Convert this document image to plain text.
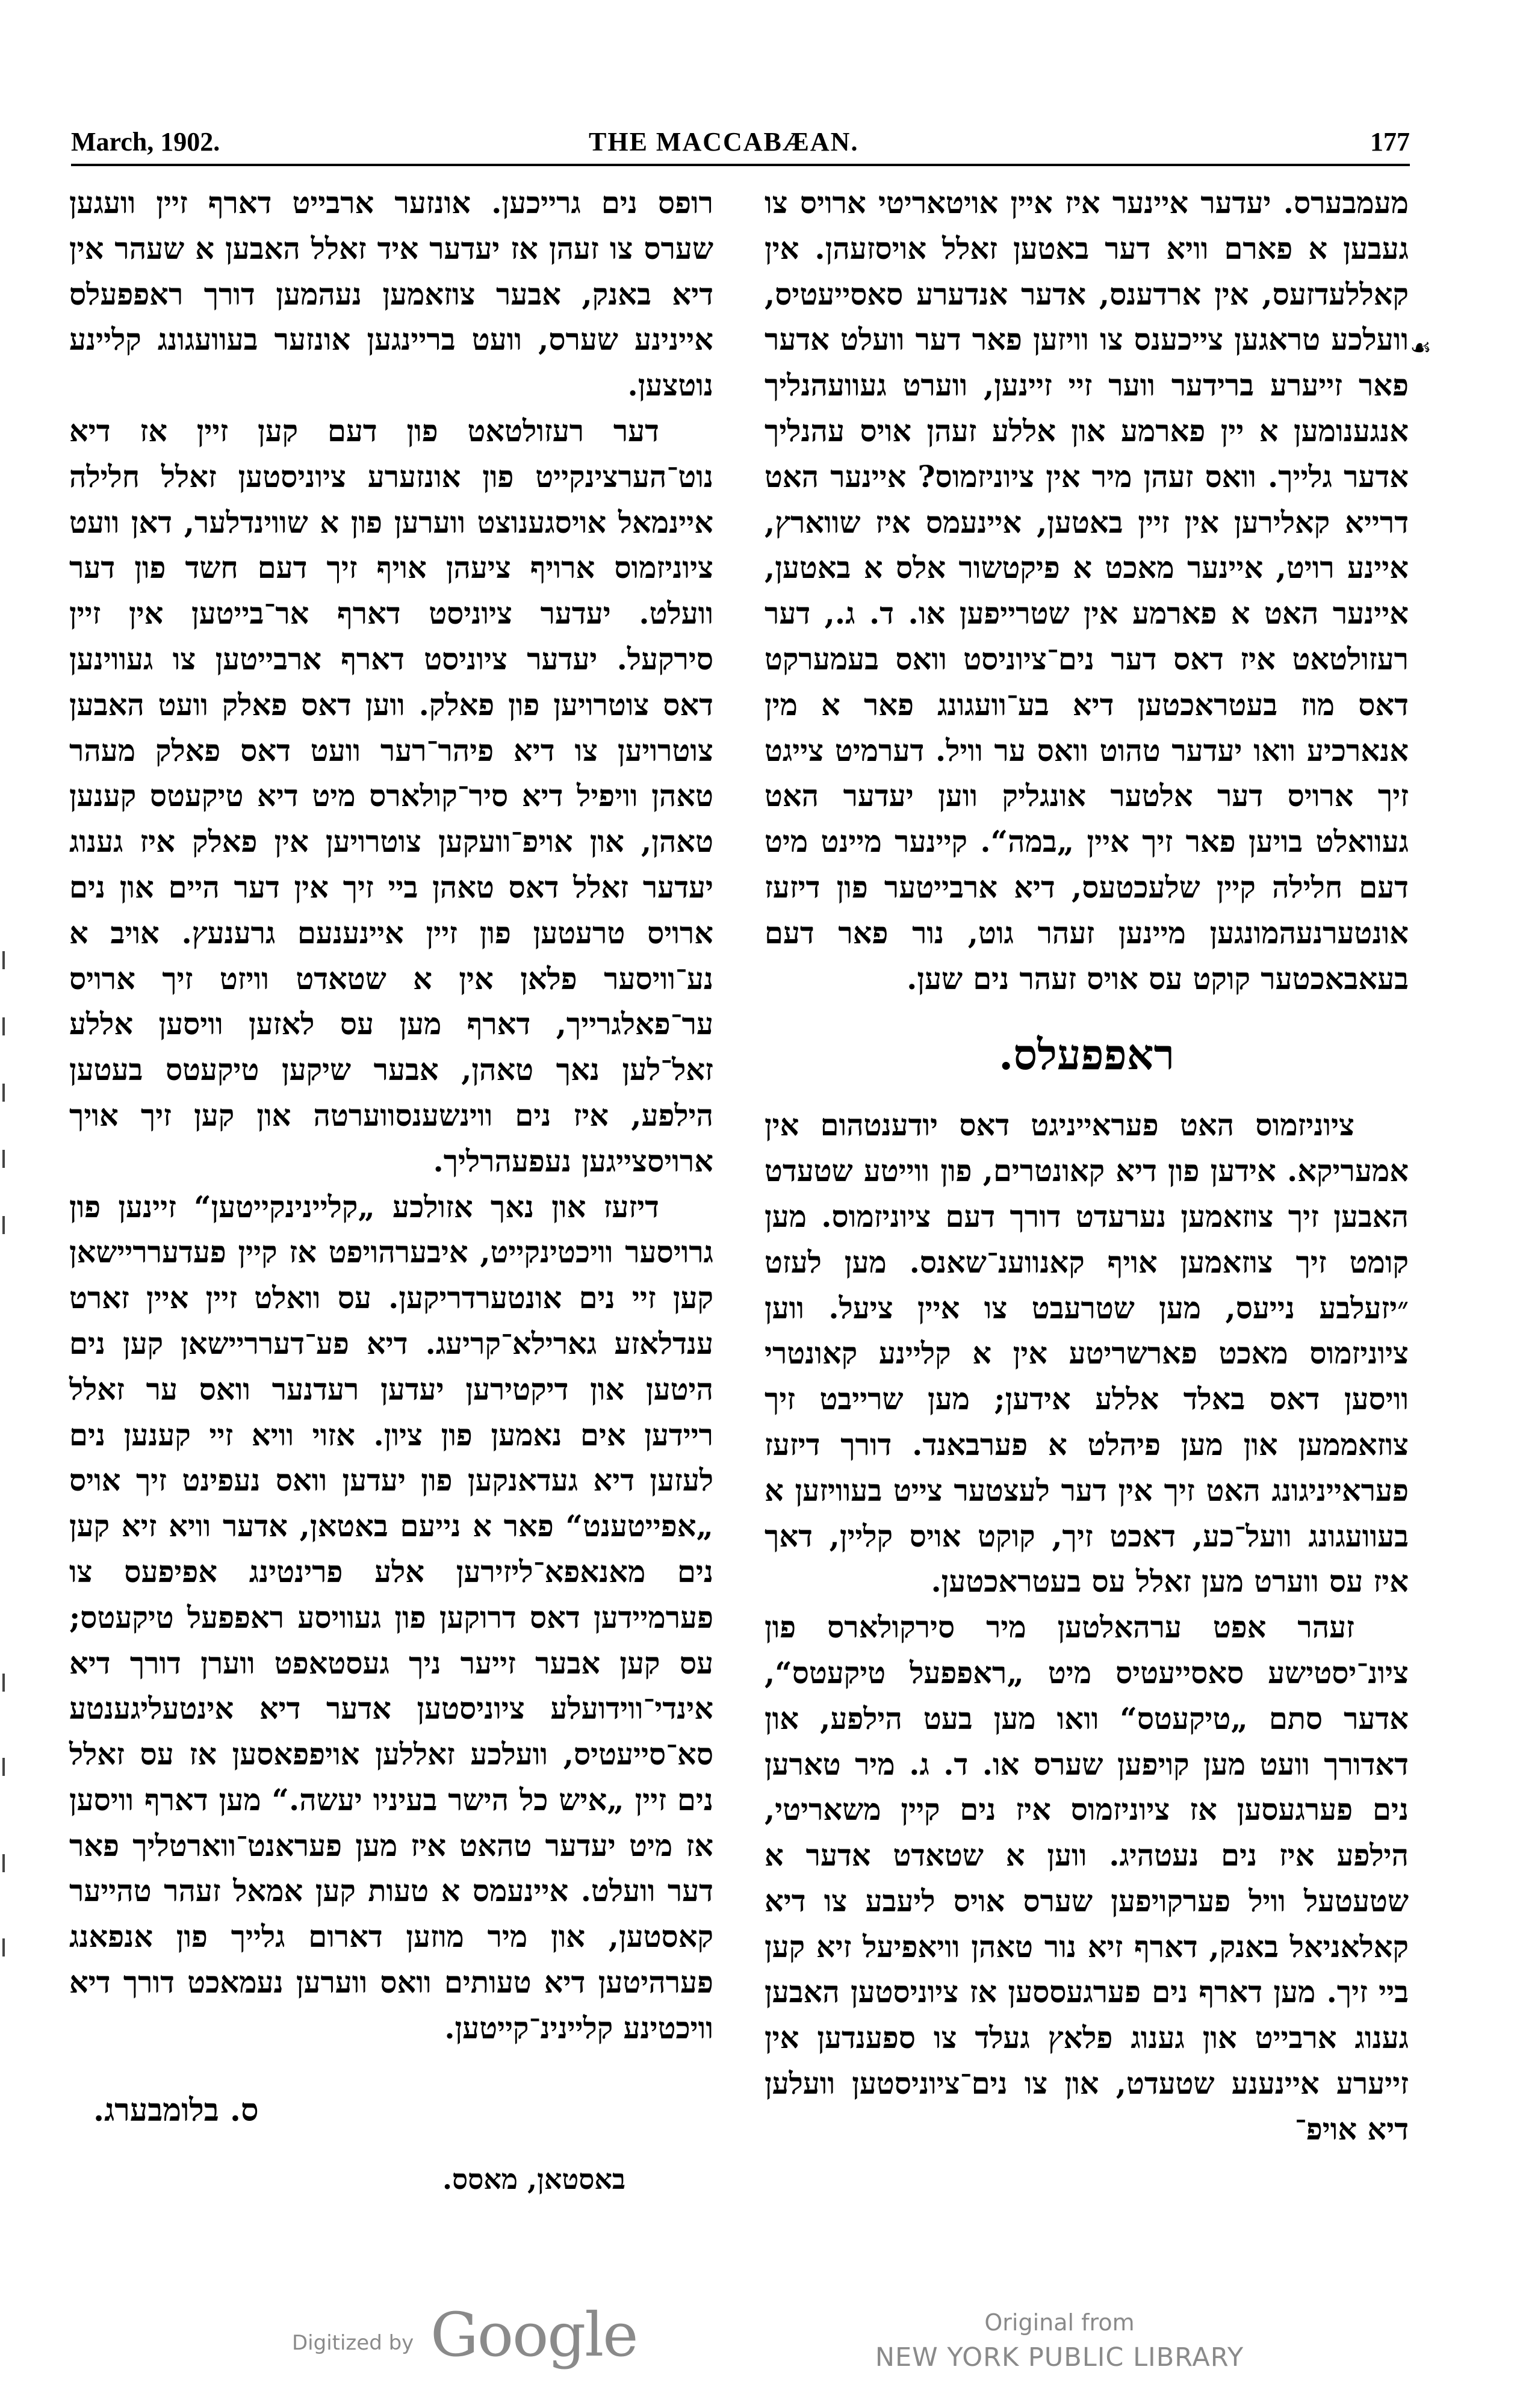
March, 1902.	THE MACCABÆAN.	177
☙

מעמבערס. יעדער איינער איז איין אויטאריטי ארויס צו געבען א פארם וויא דער באטען זאלל אויסזעהן. אין קאללעדזעס, אין ארדענס, אדער אנדערע סאסייעטיס, וועלכע טראגען צייכענס צו וויזען פאר דער וועלט אדער פאר זייערע ברידער ווער זיי זיינען, ווערט געוועהנליך אנגענומען א יין פארמע און אללע זעהן אויס עהנליך אדער גלייך. וואס זעהן מיר אין ציוניזמוס? איינער האט דרייא קאלירען אין זיין באטען, איינעמס איז שווארץ, איינע רויט, איינער מאכט א פיקטשור אלס א באטען, איינער האט א פארמע אין שטרייפען או. ד. ג., דער רעזולטאט איז דאס דער נים־ציוניסט וואס בעמערקט דאס מוז בעטראכטען דיא בע־וועגונג פאר א מין אנארכיע וואו יעדער טהוט וואס ער וויל. דערמיט צייגט זיך ארויס דער אלטער אונגליק ווען יעדער האט געוואלט בויען פאר זיך איין „במה“. קיינער מיינט מיט דעם חלילה קיין שלעכטעס, דיא ארבייטער פון דיזעז אונטערנעהמונגען מיינען זעהר גוט, נור פאר דעם בעאבאכטער קוקט עס אויס זעהר נים שען.

ראפפעלס.

ציוניזמוס האט פעראייניגט דאס יודענטהום אין אמעריקא. אידען פון דיא קאונטרים, פון ווייטע שטעדט האבען זיך צוזאמען נערעדט דורך דעם ציוניזמוס. מען קומט זיך צוזאמען אויף קאנווענ־שאנס. מען לעזט ״יזעלבע נייעס, מען שטרעבט צו איין ציעל. ווען ציוניזמוס מאכט פארשריטע אין א קליינע קאונטרי וויסען דאס באלד אללע אידען; מען שרייבט זיך צוזאממען און מען פיהלט א פערבאנד. דורך דיזעז פעראייניגונג האט זיך אין דער לעצטער צייט בעוויזען א בעוועגונג וועל־כע, דאכט זיך, קוקט אויס קליין, דאך איז עס ווערט מען זאלל עס בעטראכטען.

זעהר אפט ערהאלטען מיר סירקולארס פון ציונ־יסטישע סאסייעטיס מיט „ראפפעל טיקעטס“, אדער סתם „טיקעטס“ וואו מען בעט הילפע, און דאדורך וועט מען קויפען שערס או. ד. ג. מיר טארען נים פערגעסען אז ציוניזמוס איז נים קיין משאריטי, הילפע איז נים נעטהיג. ווען א שטאדט אדער א שטעטעל וויל פערקויפען שערס אויס ליעבע צו דיא קאלאניאל באנק, דארף זיא נור טאהן וויאפיעל זיא קען ביי זיך. מען דארף נים פערגעססען אז ציוניסטען האבען גענוג ארבייט און גענוג פלאץ געלד צו ספענדען אין זייערע איינענע שטעדט, און צו נים־ציוניסטען וועלען דיא אויפ־

רופס נים גרייכען. אונזער ארבייט דארף זיין וועגען שערס צו זעהן אז יעדער איד זאלל האבען א שעהר אין דיא באנק, אבער צוזאמען נעהמען דורך ראפפעלס איינינע שערס, וועט בריינגען אונזער בעוועגונג קליינע נוטצען.

דער רעזולטאט פון דעם קען זיין אז דיא נוט־הערצינקייט פון אונזערע ציוניסטען זאלל חלילה איינמאל אויסגענוצט ווערען פון א שווינדלער, דאן וועט ציוניזמוס ארויף ציעהן אויף זיך דעם חשד פון דער וועלט. יעדער ציוניסט דארף אר־בייטען אין זיין סירקעל. יעדער ציוניסט דארף ארבייטען צו געווינען דאס צוטרויען פון פאלק. ווען דאס פאלק וועט האבען צוטרויען צו דיא פיהר־רער וועט דאס פאלק מעהר טאהן וויפיל דיא סיר־קולארס מיט דיא טיקעטס קענען טאהן, און אויפ־וועקען צוטרויען אין פאלק איז גענוג יעדער זאלל דאס טאהן ביי זיך אין דער היים און נים ארויס טרעטען פון זיין איינענעם גרענעץ. אויב א נע־וויסער פלאן אין א שטאדט וויזט זיך ארויס ער־פאלגרייך, דארף מען עס לאזען וויסען אללע זאל־לען נאך טאהן, אבער שיקען טיקעטס בעטען הילפע, איז נים ווינשענסווערטה און קען זיך אויך ארויסצייגען נעפעהרליך.

דיזעז און נאך אזולכע „קליינינקייטען“ זיינען פון גרויסער וויכטינקייט, איבערהויפט אז קיין פעדערריישאן קען זיי נים אונטערדריקען. עס וואלט זיין איין זארט ענדלאזע גארילא־קריעג. דיא פע־דערריישאן קען נים היטען און דיקטירען יעדען רעדנער וואס ער זאלל ריידען אים נאמען פון ציון. אזוי וויא זיי קענען נים לעזען דיא געדאנקען פון יעדען וואס נעפינט זיך אויס „אפייטענט“ פאר א נייעם באטאן, אדער וויא זיא קען נים מאנאפא־ליזירען אלע פרינטינג אפיפעס צו פערמיידען דאס דרוקען פון געוויסע ראפפעל טיקעטס; עס קען אבער זייער ניך געסטאפט ווערן דורך דיא אינדי־ווידועלע ציוניסטען אדער דיא אינטעליגענטע סא־סייעטיס, וועלכע זאללען אויפפאסען אז עס זאלל נים זיין „איש כל הישר בעיניו יעשה.“ מען דארף וויסען אז מיט יעדער טהאט איז מען פעראנט־ווארטליך פאר דער וועלט. איינעמס א טעות קען אמאל זעהר טהייער קאסטען, און מיר מוזען דארום גלייך פון אנפאנג פערהיטען דיא טעותים וואס ווערען נעמאכט דורך דיא וויכטינע קליינינ־קייטען.

ס. בלומבערג.

באסטאן, מאסס.

Digitized by Google	Original from
NEW YORK PUBLIC LIBRARY
